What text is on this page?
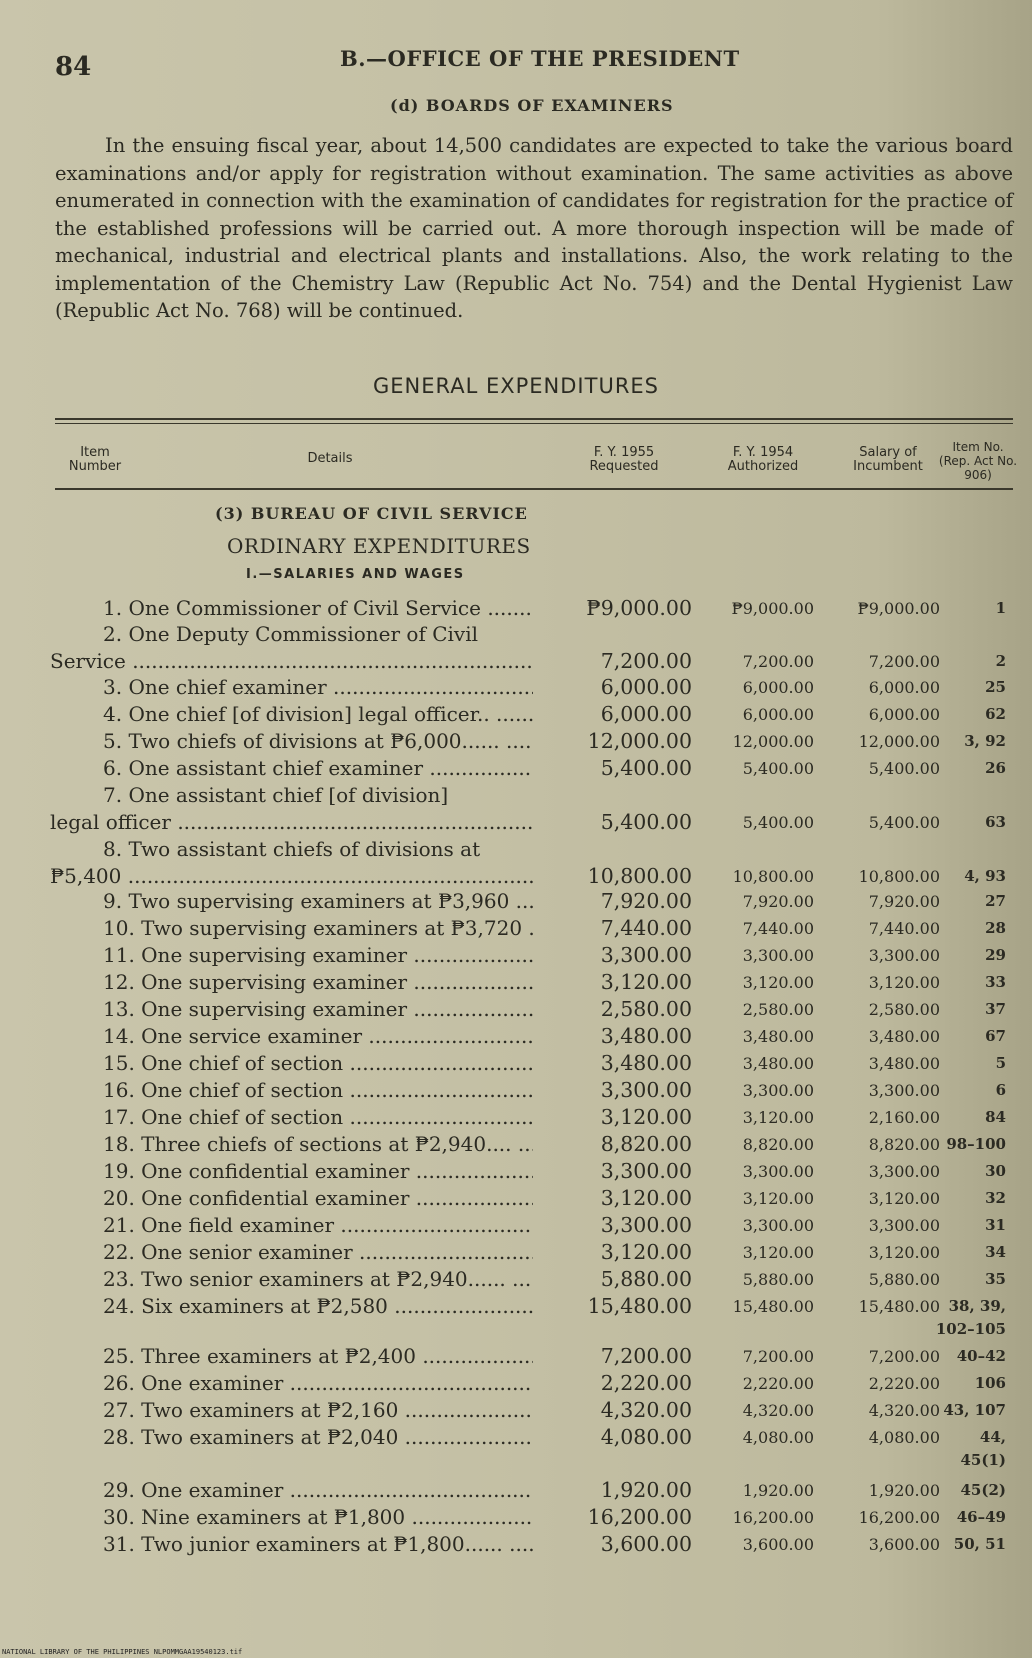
84	B.—OFFICE OF THE PRESIDENT
(d) BOARDS OF EXAMINERS

In the ensuing fiscal year, about 14,500 candidates are expected to take the various board examinations and/or apply for registration without examination. The same activities as above enumerated in connection with the examination of candidates for registration for the practice of the established professions will be carried out. A more thorough inspection will be made of mechanical, industrial and electrical plants and installations. Also, the work relating to the implementation of the Chemistry Law (Republic Act No. 754) and the Dental Hygienist Law (Republic Act No. 768) will be continued.

GENERAL EXPENDITURES
Item Number
Details	F. Y. 1955 Requested
F. Y. 1954 Authorized
Salary of Incumbent
Item No. (Rep. Act No. 906)
(3) BUREAU OF CIVIL SERVICE
ORDINARY EXPENDITURES
I.—SALARIES AND WAGES
1. One Commissioner of Civil Service .....	₱9,000.00 ₱9,000.00	₱9,000.00	1
2. One Deputy Commissioner of Civil
Service .....	7,200.00	7,200.00	7,200.00	2
3. One chief examiner .....	6,000.00	6,000.00	6,000.00	25
4. One chief [of division] legal officer.. .....	6,000.00	6,000.00	6,000.00	62
5. Two chiefs of divisions at ₱6,000...... .....	12,000.00	12,000.00	12,000.00 3, 92
6. One assistant chief examiner .....	5,400.00	5,400.00	5,400.00	26
7. One assistant chief [of division]
legal officer .....	5,400.00	5,400.00	5,400.00	63
8. Two assistant chiefs of divisions at
₱5,400 .....	10,800.00	10,800.00	10,800.00 4, 93
9. Two supervising examiners at ₱3,960 .....	7,920.00	7,920.00	7,920.00	27
10. Two supervising examiners at ₱3,720 .....	7,440.00	7,440.00	7,440.00	28
11. One supervising examiner .....	3,300.00	3,300.00	3,300.00	29
12. One supervising examiner .....	3,120.00	3,120.00	3,120.00	33
13. One supervising examiner .....	2,580.00	2,580.00	2,580.00	37
14. One service examiner .....	3,480.00	3,480.00	3,480.00	67
15. One chief of section .....	3,480.00	3,480.00	3,480.00	5
16. One chief of section .....	3,300.00	3,300.00	3,300.00	6
17. One chief of section .....	3,120.00	3,120.00	2,160.00	84
18. Three chiefs of sections at ₱2,940.... .....	8,820.00	8,820.00	8,820.00 98–100
19. One confidential examiner .....	3,300.00	3,300.00	3,300.00	30
20. One confidential examiner .....	3,120.00	3,120.00	3,120.00	32
21. One field examiner .....	3,300.00	3,300.00	3,300.00	31
22. One senior examiner .....	3,120.00	3,120.00	3,120.00	34
23. Two senior examiners at ₱2,940...... .....	5,880.00	5,880.00	5,880.00	35
24. Six examiners at ₱2,580 .....	15,480.00	15,480.00	15,480.00 38, 39,
102–105
25. Three examiners at ₱2,400 .....	7,200.00	7,200.00	7,200.00 40–42
26. One examiner .....	2,220.00	2,220.00	2,220.00 106
27. Two examiners at ₱2,160 .....	4,320.00	4,320.00	4,320.00 43, 107
28. Two examiners at ₱2,040 .....	4,080.00	4,080.00	4,080.00	44,
45(1)
29. One examiner .....	1,920.00	1,920.00	1,920.00 45(2)
30. Nine examiners at ₱1,800 .....	16,200.00	16,200.00	16,200.00 46–49
31. Two junior examiners at ₱1,800...... .....	3,600.00	3,600.00	3,600.00 50, 51
NATIONAL LIBRARY OF THE PHILIPPINES NLPOMMGAA19540123.tif
